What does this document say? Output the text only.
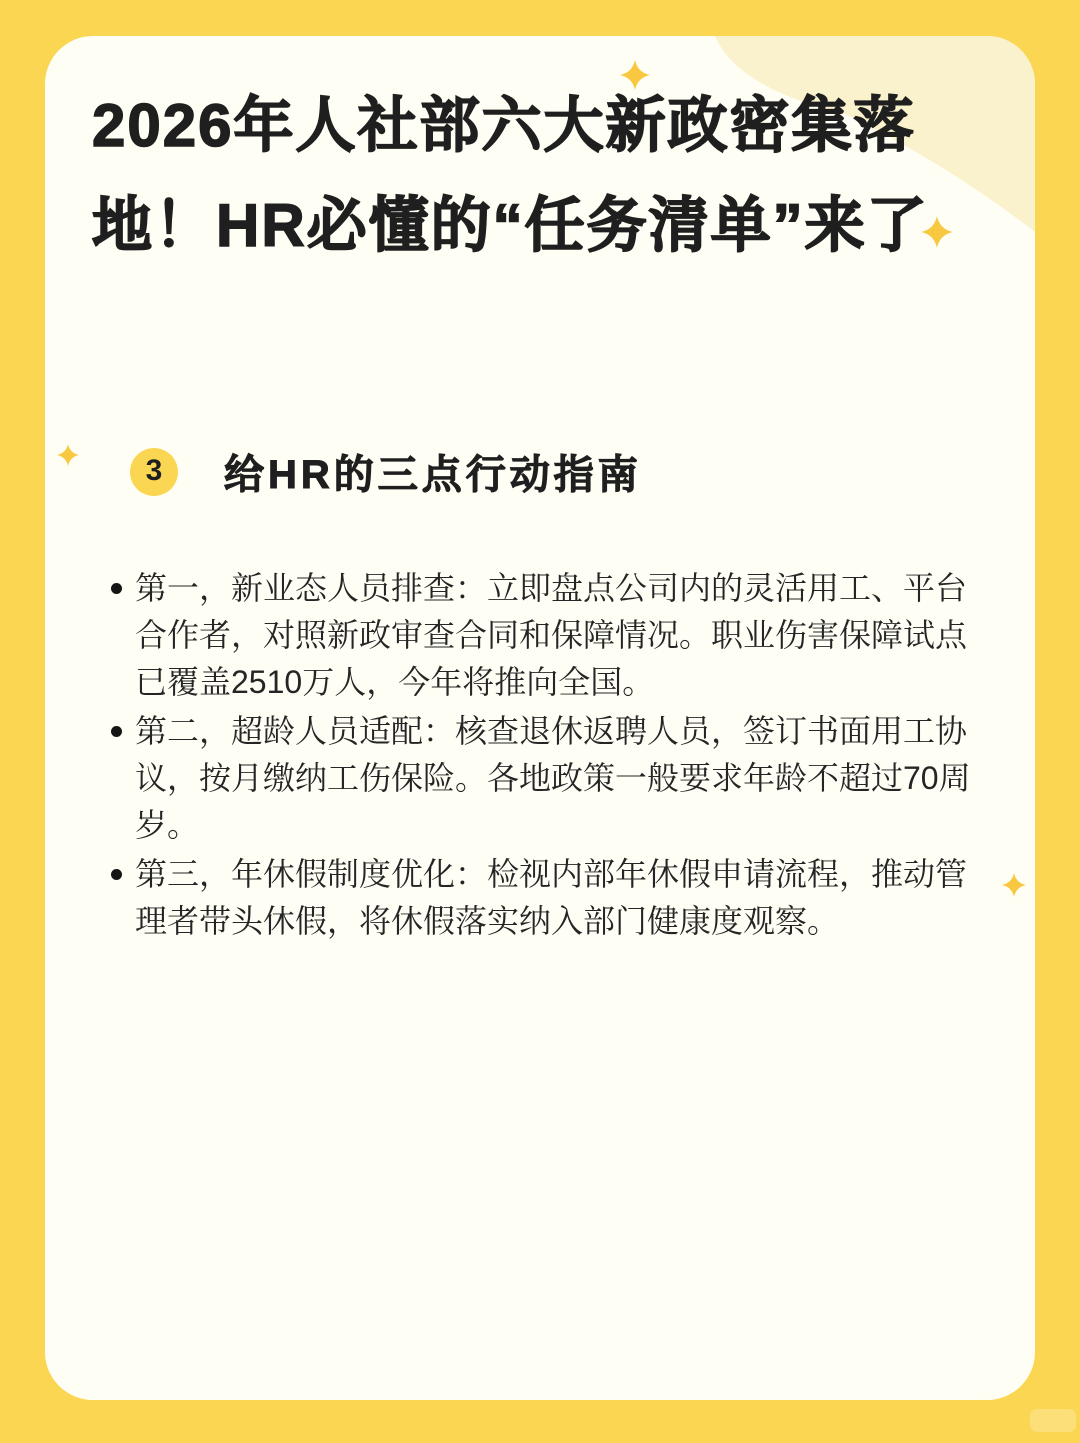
2026年人社部六大新政密集落
地！HR必懂的“任务清单”来了
3 给HR的三点行动指南
第一，新业态人员排查：立即盘点公司内的灵活用工、平台合作者，对照新政审查合同和保障情况。职业伤害保障试点已覆盖2510万人，今年将推向全国。
第二，超龄人员适配：核查退休返聘人员，签订书面用工协议，按月缴纳工伤保险。各地政策一般要求年龄不超过70周岁。
第三，年休假制度优化：检视内部年休假申请流程，推动管理者带头休假，将休假落实纳入部门健康度观察。
